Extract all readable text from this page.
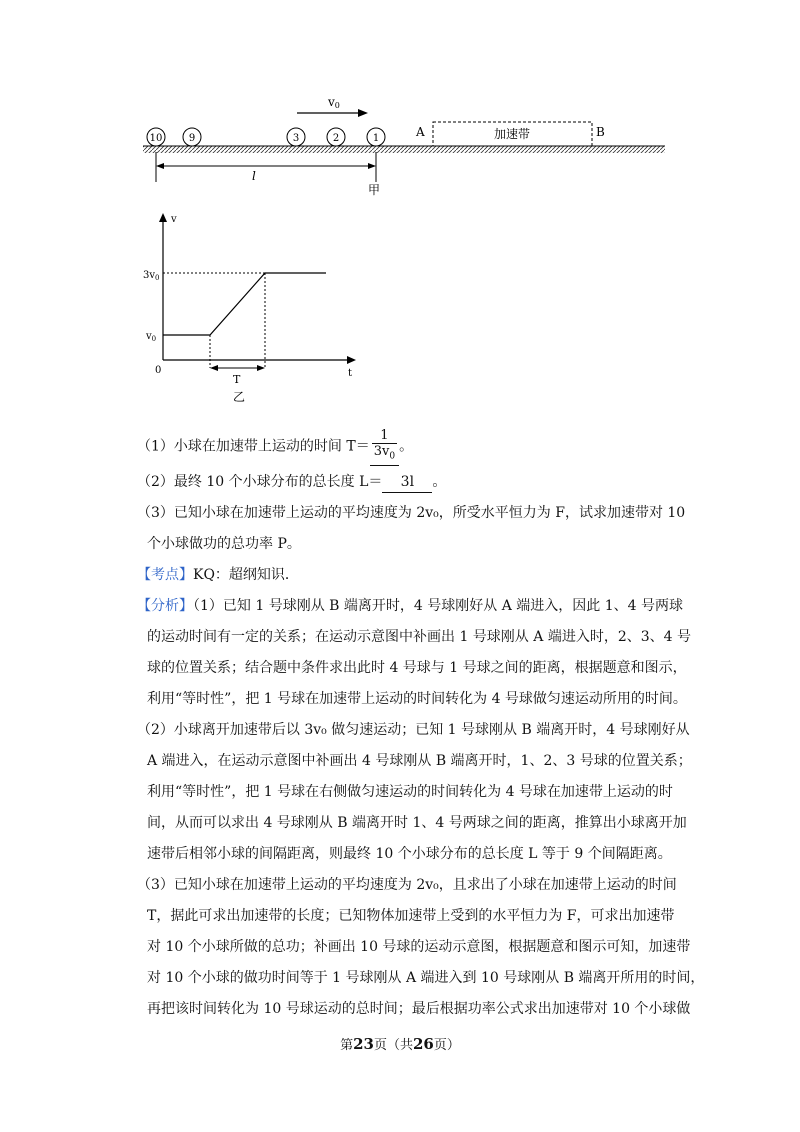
v0
10	9	3	2	1	A	B
加速带
l
甲
v
t
0
$3v_0$
$v_0$
T
乙
（1）小球在加速带上运动的时间 $T= \frac{1}{3v_0}$ 。
（2）最终 10 个小球分布的总长度 L＝ 3l 。
（3）已知小球在加速带上运动的平均速度为 2v₀，所受水平恒力为 F，试求加速带对 10
个小球做功的总功率 P。
【考点】KQ：超纲知识．
【分析】（1）已知 1 号球刚从 B 端离开时，4 号球刚好从 A 端进入，因此 1、4 号两球
的运动时间有一定的关系；在运动示意图中补画出 1 号球刚从 A 端进入时，2、3、4 号
球的位置关系；结合题中条件求出此时 4 号球与 1 号球之间的距离，根据题意和图示，
利用“等时性”，把 1 号球在加速带上运动的时间转化为 4 号球做匀速运动所用的时间。
（2）小球离开加速带后以 3v₀ 做匀速运动；已知 1 号球刚从 B 端离开时，4 号球刚好从
A 端进入，在运动示意图中补画出 4 号球刚从 B 端离开时，1、2、3 号球的位置关系；
利用“等时性”，把 1 号球在右侧做匀速运动的时间转化为 4 号球在加速带上运动的时
间，从而可以求出 4 号球刚从 B 端离开时 1、4 号两球之间的距离，推算出小球离开加
速带后相邻小球的间隔距离，则最终 10 个小球分布的总长度 L 等于 9 个间隔距离。
（3）已知小球在加速带上运动的平均速度为 2v₀，且求出了小球在加速带上运动的时间
T，据此可求出加速带的长度；已知物体加速带上受到的水平恒力为 F，可求出加速带
对 10 个小球所做的总功；补画出 10 号球的运动示意图，根据题意和图示可知，加速带
对 10 个小球的做功时间等于 1 号球刚从 A 端进入到 10 号球刚从 B 端离开所用的时间，
再把该时间转化为 10 号球运动的总时间；最后根据功率公式求出加速带对 10 个小球做
第23页（共26页）
